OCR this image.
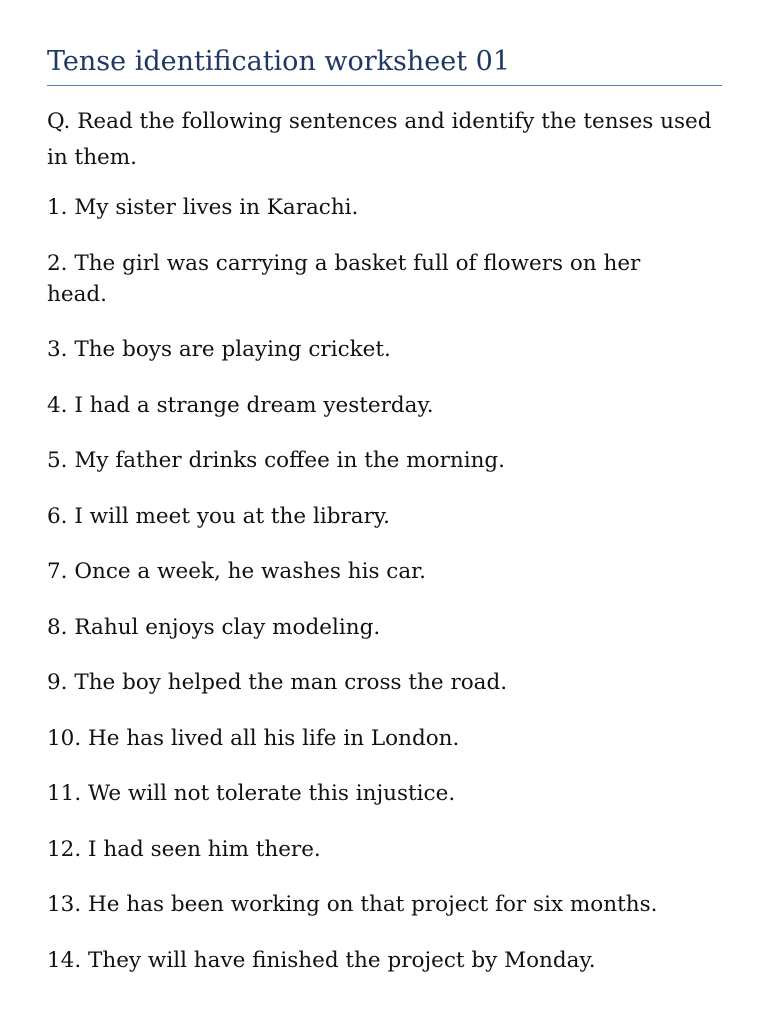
Tense identification worksheet 01

Q. Read the following sentences and identify the tenses used in them.

1. My sister lives in Karachi.
2. The girl was carrying a basket full of flowers on her head.
3. The boys are playing cricket.
4. I had a strange dream yesterday.
5. My father drinks coffee in the morning.
6. I will meet you at the library.
7. Once a week, he washes his car.
8. Rahul enjoys clay modeling.
9. The boy helped the man cross the road.
10. He has lived all his life in London.
11. We will not tolerate this injustice.
12. I had seen him there.
13. He has been working on that project for six months.
14. They will have finished the project by Monday.
